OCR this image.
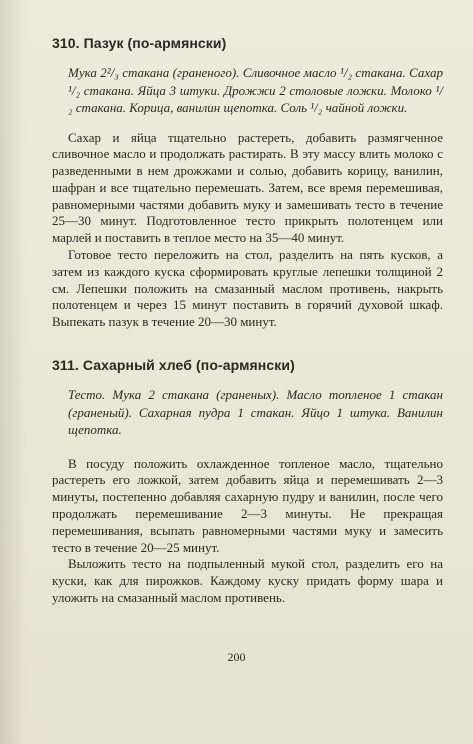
310. Пазук (по-армянски)

Мука 2²/₃ стакана (граненого). Сливочное масло ¹/₂ стакана. Сахар ¹/₂ стакана. Яйца 3 штуки. Дрожжи 2 столовые ложки. Молоко ¹/₂ стакана. Корица, ванилин щепотка. Соль ¹/₂ чайной ложки.

Сахар и яйца тщательно растереть, добавить размягченное сливочное масло и продолжать растирать. В эту массу влить молоко с разведенными в нем дрожжами и солью, добавить корицу, ванилин, шафран и все тщательно перемешать. Затем, все время перемешивая, равномерными частями добавить муку и замешивать тесто в течение 25—30 минут. Подготовленное тесто прикрыть полотенцем или марлей и поставить в теплое место на 35—40 минут.

Готовое тесто переложить на стол, разделить на пять кусков, а затем из каждого куска сформировать круглые лепешки толщиной 2 см. Лепешки положить на смазанный маслом противень, накрыть полотенцем и через 15 минут поставить в горячий духовой шкаф. Выпекать пазук в течение 20—30 минут.

311. Сахарный хлеб (по-армянски)

Тесто. Мука 2 стакана (граненых). Масло топленое 1 стакан (граненый). Сахарная пудра 1 стакан. Яйцо 1 штука. Ванилин щепотка.

В посуду положить охлажденное топленое масло, тщательно растереть его ложкой, затем добавить яйца и перемешивать 2—3 минуты, постепенно добавляя сахарную пудру и ванилин, после чего продолжать перемешивание 2—3 минуты. Не прекращая перемешивания, всыпать равномерными частями муку и замесить тесто в течение 20—25 минут.

Выложить тесто на подпыленный мукой стол, разделить его на куски, как для пирожков. Каждому куску придать форму шара и уложить на смазанный маслом противень.

200
